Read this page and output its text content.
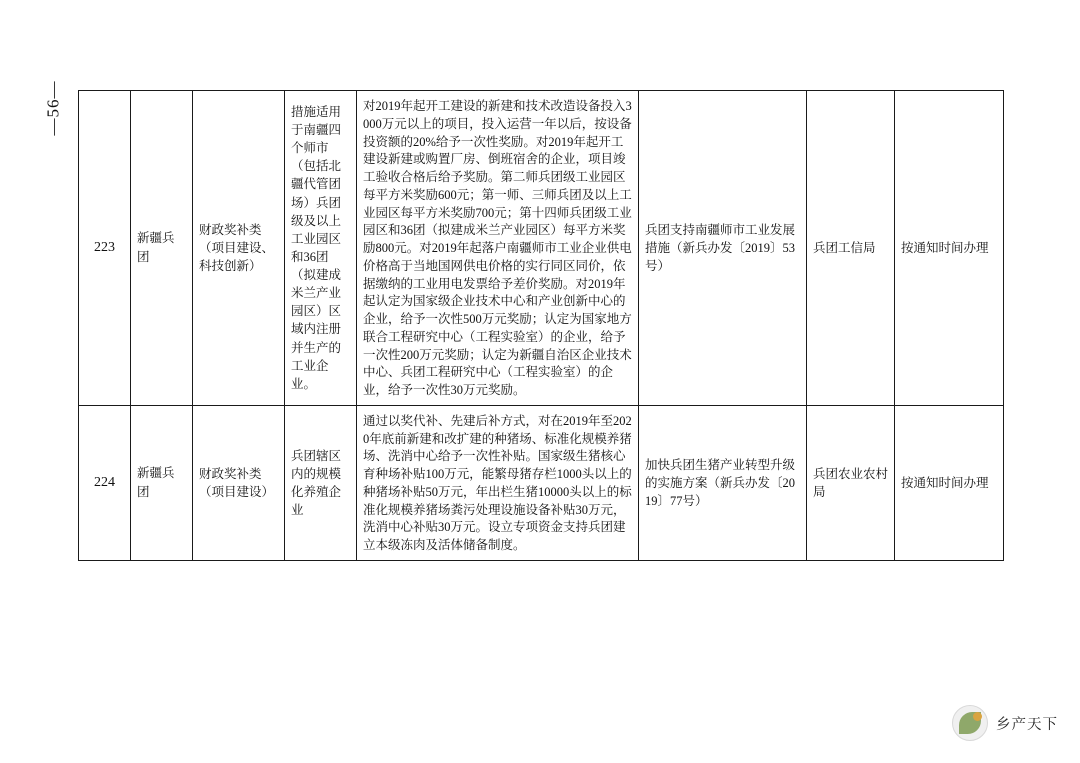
—56—
223	新疆兵团	财政奖补类（项目建设、科技创新）	措施适用于南疆四个师市（包括北疆代管团场）兵团级及以上工业园区和36团（拟建成米兰产业园区）区域内注册并生产的工业企业。	对2019年起开工建设的新建和技术改造设备投入3000万元以上的项目，投入运营一年以后，按设备投资额的20%给予一次性奖励。对2019年起开工建设新建或购置厂房、倒班宿舍的企业，项目竣工验收合格后给予奖励。第二师兵团级工业园区每平方米奖励600元；第一师、三师兵团及以上工业园区每平方米奖励700元；第十四师兵团级工业园区和36团（拟建成米兰产业园区）每平方米奖励800元。对2019年起落户南疆师市工业企业供电价格高于当地国网供电价格的实行同区同价，依据缴纳的工业用电发票给予差价奖励。对2019年起认定为国家级企业技术中心和产业创新中心的企业，给予一次性500万元奖励；认定为国家地方联合工程研究中心（工程实验室）的企业，给予一次性200万元奖励；认定为新疆自治区企业技术中心、兵团工程研究中心（工程实验室）的企业，给予一次性30万元奖励。	兵团支持南疆师市工业发展措施（新兵办发〔2019〕53号）	兵团工信局	按通知时间办理
224	新疆兵团	财政奖补类（项目建设）	兵团辖区内的规模化养殖企业	通过以奖代补、先建后补方式，对在2019年至2020年底前新建和改扩建的种猪场、标准化规模养猪场、洗消中心给予一次性补贴。国家级生猪核心育种场补贴100万元，能繁母猪存栏1000头以上的种猪场补贴50万元，年出栏生猪10000头以上的标准化规模养猪场粪污处理设施设备补贴30万元，洗消中心补贴30万元。设立专项资金支持兵团建立本级冻肉及活体储备制度。	加快兵团生猪产业转型升级的实施方案（新兵办发〔2019〕77号）	兵团农业农村局	按通知时间办理
乡产天下
